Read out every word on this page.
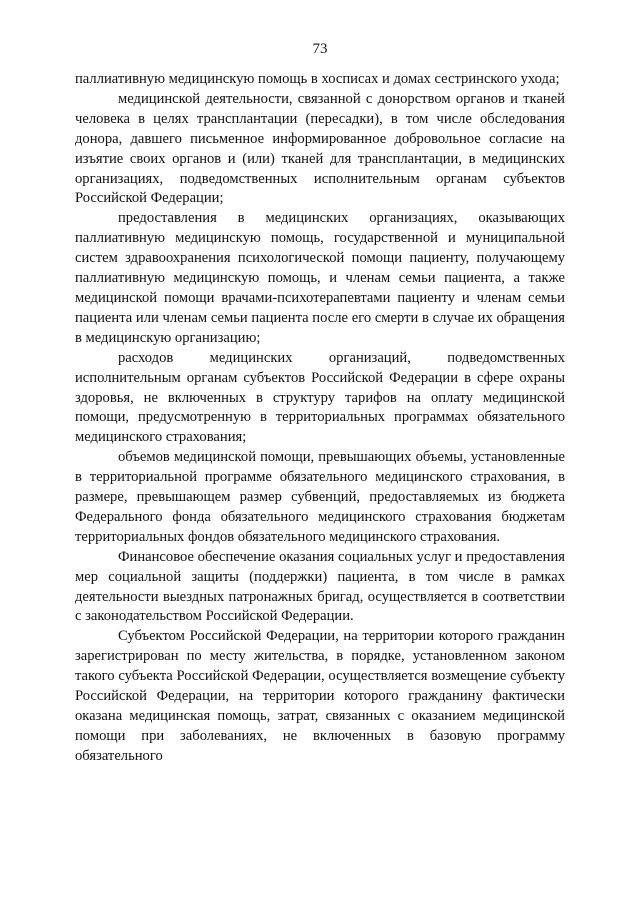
73

паллиативную медицинскую помощь в хосписах и домах сестринского ухода;

медицинской деятельности, связанной с донорством органов и тканей человека в целях трансплантации (пересадки), в том числе обследования донора, давшего письменное информированное добровольное согласие на изъятие своих органов и (или) тканей для трансплантации, в медицинских организациях, подведомственных исполнительным органам субъектов Российской Федерации;

предоставления в медицинских организациях, оказывающих паллиативную медицинскую помощь, государственной и муниципальной систем здравоохранения психологической помощи пациенту, получающему паллиативную медицинскую помощь, и членам семьи пациента, а также медицинской помощи врачами-психотерапевтами пациенту и членам семьи пациента или членам семьи пациента после его смерти в случае их обращения в медицинскую организацию;

расходов медицинских организаций, подведомственных исполнительным органам субъектов Российской Федерации в сфере охраны здоровья, не включенных в структуру тарифов на оплату медицинской помощи, предусмотренную в территориальных программах обязательного медицинского страхования;

объемов медицинской помощи, превышающих объемы, установленные в территориальной программе обязательного медицинского страхования, в размере, превышающем размер субвенций, предоставляемых из бюджета Федерального фонда обязательного медицинского страхования бюджетам территориальных фондов обязательного медицинского страхования.

Финансовое обеспечение оказания социальных услуг и предоставления мер социальной защиты (поддержки) пациента, в том числе в рамках деятельности выездных патронажных бригад, осуществляется в соответствии с законодательством Российской Федерации.

Субъектом Российской Федерации, на территории которого гражданин зарегистрирован по месту жительства, в порядке, установленном законом такого субъекта Российской Федерации, осуществляется возмещение субъекту Российской Федерации, на территории которого гражданину фактически оказана медицинская помощь, затрат, связанных с оказанием медицинской помощи при заболеваниях, не включенных в базовую программу обязательного
